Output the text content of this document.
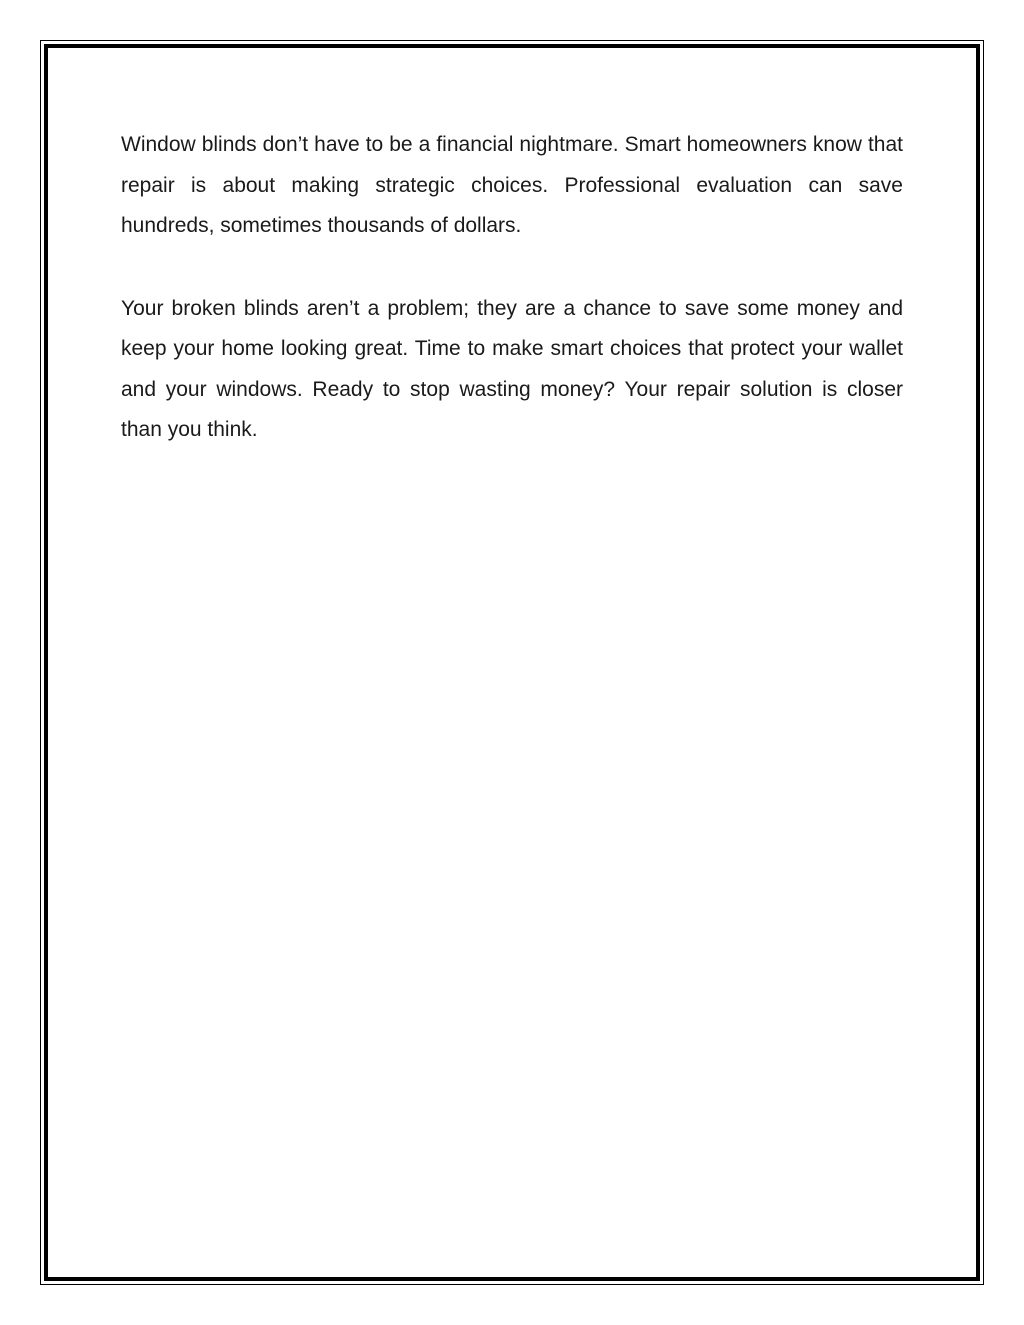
Window blinds don’t have to be a financial nightmare. Smart homeowners know that repair is about making strategic choices. Professional evaluation can save hundreds, sometimes thousands of dollars.

Your broken blinds aren’t a problem; they are a chance to save some money and keep your home looking great. Time to make smart choices that protect your wallet and your windows. Ready to stop wasting money? Your repair solution is closer than you think.
